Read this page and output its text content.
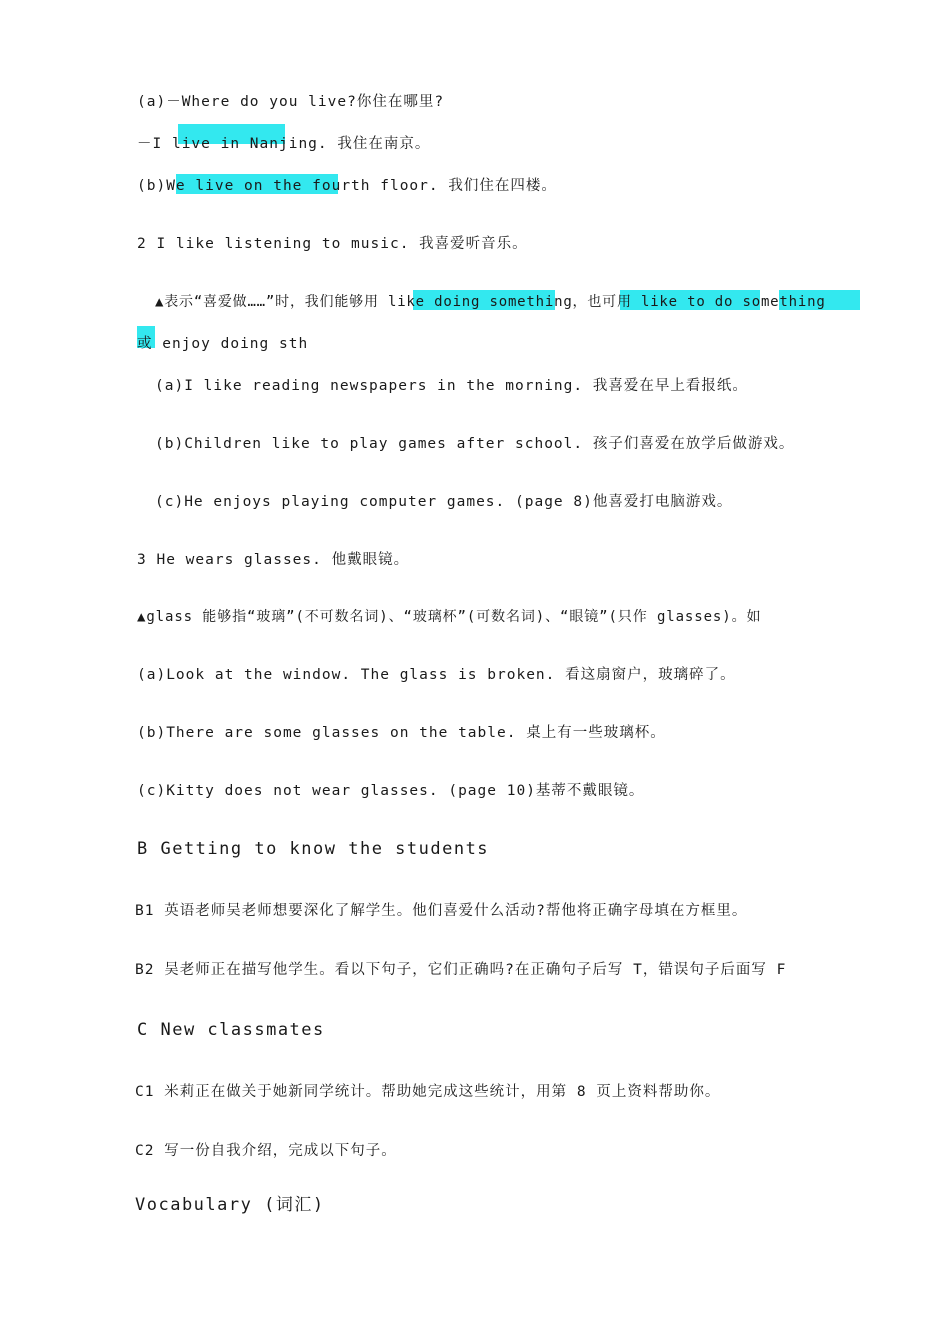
(a)－Where do you live?你住在哪里?
－I live in Nanjing. 我住在南京。
(b)We live on the fourth floor. 我们住在四楼。
2 I like listening to music. 我喜爱听音乐。
▲表示“喜爱做……”时，我们能够用 like doing something，也可用 like to do something
或 enjoy doing sth
(a)I like reading newspapers in the morning. 我喜爱在早上看报纸。
(b)Children like to play games after school. 孩子们喜爱在放学后做游戏。
(c)He enjoys playing computer games. (page 8)他喜爱打电脑游戏。
3 He wears glasses. 他戴眼镜。
▲glass 能够指“玻璃”(不可数名词)、“玻璃杯”(可数名词)、“眼镜”(只作 glasses)。如
(a)Look at the window. The glass is broken. 看这扇窗户，玻璃碎了。
(b)There are some glasses on the table. 桌上有一些玻璃杯。
(c)Kitty does not wear glasses. (page 10)基蒂不戴眼镜。
B Getting to know the students
B1 英语老师吴老师想要深化了解学生。他们喜爱什么活动?帮他将正确字母填在方框里。
B2 吴老师正在描写他学生。看以下句子，它们正确吗?在正确句子后写 T，错误句子后面写 F
C New classmates
C1 米莉正在做关于她新同学统计。帮助她完成这些统计，用第 8 页上资料帮助你。
C2 写一份自我介绍，完成以下句子。
Vocabulary (词汇)
